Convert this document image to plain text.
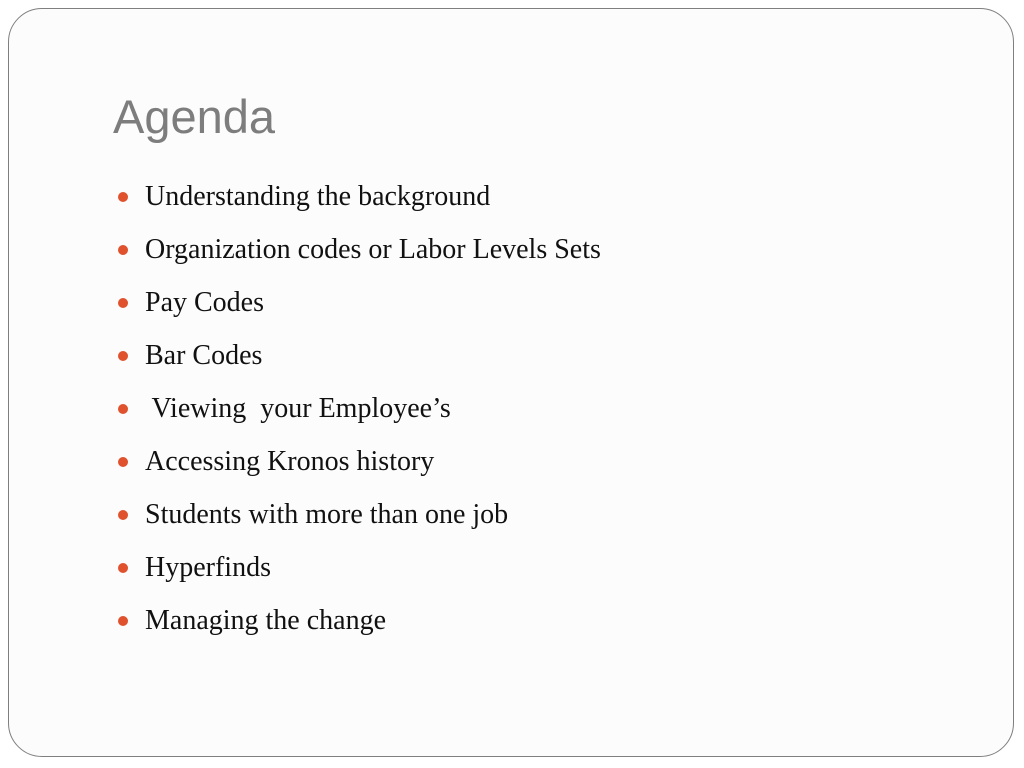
Agenda

Understanding the background

Organization codes or Labor Levels Sets

Pay Codes

Bar Codes

Viewing  your Employee’s

Accessing Kronos history

Students with more than one job

Hyperfinds

Managing the change
